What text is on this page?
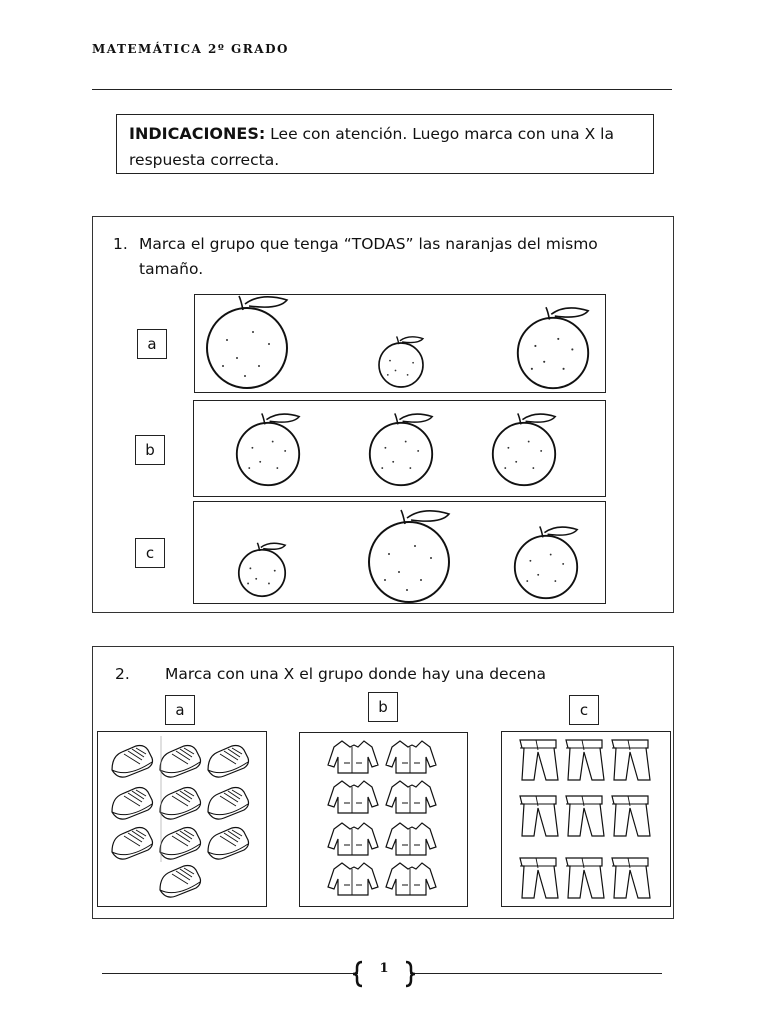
MATEMÁTICA 2º GRADO
INDICACIONES: Lee con atención. Luego marca con una X la respuesta correcta.
1. Marca el grupo que tenga “TODAS” las naranjas del mismo tamaño.
a
b
c
2. Marca con una X el grupo donde hay una decena
a	b	c
1
